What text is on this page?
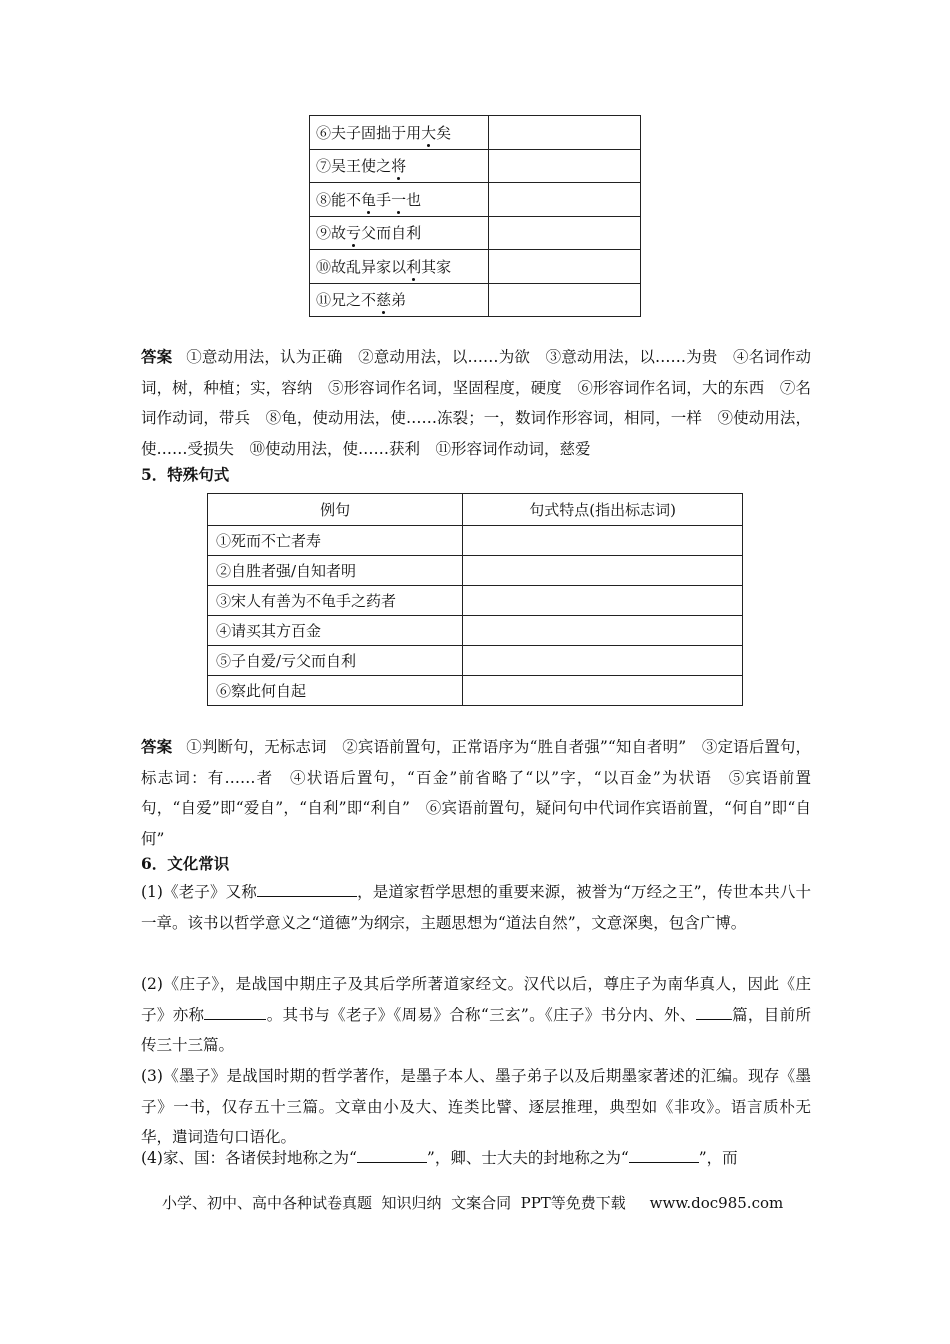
⑥夫子固拙于用大矣	
⑦吴王使之将	
⑧能不龟手一也	
⑨故亏父而自利	
⑩故乱异家以利其家	
⑪兄之不慈弟	
答案 ①意动用法，认为正确　②意动用法，以……为欲　③意动用法，以……为贵　④名词作动词，树，种植；实，容纳　⑤形容词作名词，坚固程度，硬度　⑥形容词作名词，大的东西　⑦名词作动词，带兵　⑧龟，使动用法，使……冻裂；一，数词作形容词，相同，一样　⑨使动用法，使……受损失　⑩使动用法，使……获利　⑪形容词作动词，慈爱
5．特殊句式
例句	句式特点(指出标志词)
①死而不亡者寿	
②自胜者强/自知者明	
③宋人有善为不龟手之药者	
④请买其方百金	
⑤子自爱/亏父而自利	
⑥察此何自起	
答案 ①判断句，无标志词　②宾语前置句，正常语序为“胜自者强”“知自者明”　③定语后置句，标志词：有……者　④状语后置句，“百金”前省略了“以”字，“以百金”为状语　⑤宾语前置句，“自爱”即“爱自”，“自利”即“利自”　⑥宾语前置句，疑问句中代词作宾语前置，“何自”即“自何”
6．文化常识
(1)《老子》又称	，是道家哲学思想的重要来源，被誉为“万经之王”，传世本共八十一章。该书以哲学意义之“道德”为纲宗，主题思想为“道法自然”，文意深奥，包含广博。
(2)《庄子》，是战国中期庄子及其后学所著道家经文。汉代以后，尊庄子为南华真人，因此《庄子》亦称	。其书与《老子》《周易》合称“三玄”。《庄子》书分内、外、 篇，目前所传三十三篇。
(3)《墨子》是战国时期的哲学著作，是墨子本人、墨子弟子以及后期墨家著述的汇编。现存《墨子》一书，仅存五十三篇。文章由小及大、连类比譬、逐层推理，典型如《非攻》。语言质朴无华，遣词造句口语化。
(4)家、国：各诸侯封地称之为“	”，卿、士大夫的封地称之为“	”，而
小学、初中、高中各种试卷真题  知识归纳  文案合同  PPT等免费下载     www.doc985.com
